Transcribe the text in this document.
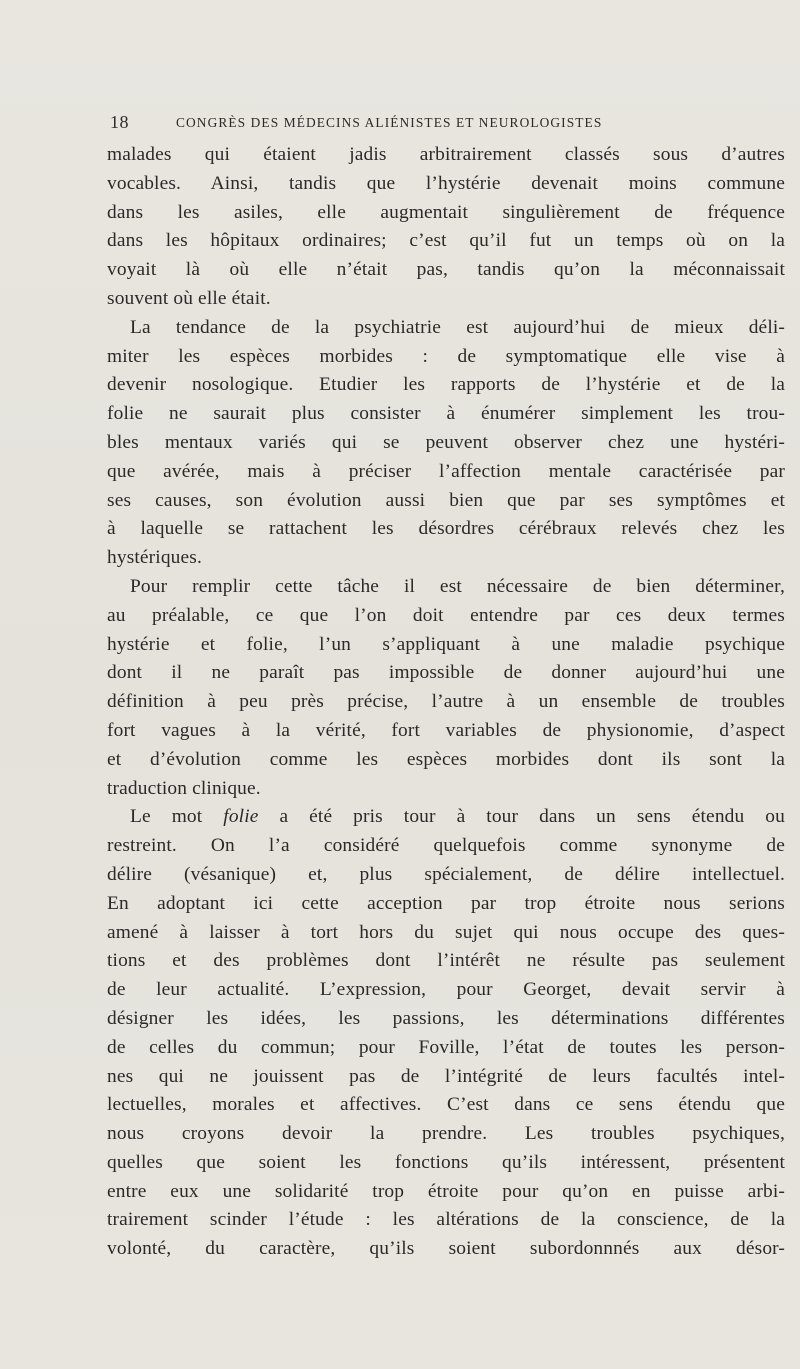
18	CONGRÈS DES MÉDECINS ALIÉNISTES ET NEUROLOGISTES
malades qui étaient jadis arbitrairement classés sous d’autres
vocables. Ainsi, tandis que l’hystérie devenait moins commune
dans les asiles, elle augmentait singulièrement de fréquence
dans les hôpitaux ordinaires; c’est qu’il fut un temps où on la
voyait là où elle n’était pas, tandis qu’on la méconnaissait
souvent où elle était.
La tendance de la psychiatrie est aujourd’hui de mieux déli-
miter les espèces morbides : de symptomatique elle vise à
devenir nosologique. Etudier les rapports de l’hystérie et de la
folie ne saurait plus consister à énumérer simplement les trou-
bles mentaux variés qui se peuvent observer chez une hystéri-
que avérée, mais à préciser l’affection mentale caractérisée par
ses causes, son évolution aussi bien que par ses symptômes et
à laquelle se rattachent les désordres cérébraux relevés chez les
hystériques.
Pour remplir cette tâche il est nécessaire de bien déterminer,
au préalable, ce que l’on doit entendre par ces deux termes
hystérie et folie, l’un s’appliquant à une maladie psychique
dont il ne paraît pas impossible de donner aujourd’hui une
définition à peu près précise, l’autre à un ensemble de troubles
fort vagues à la vérité, fort variables de physionomie, d’aspect
et d’évolution comme les espèces morbides dont ils sont la
traduction clinique.
Le mot folie a été pris tour à tour dans un sens étendu ou
restreint. On l’a considéré quelquefois comme synonyme de
délire (vésanique) et, plus spécialement, de délire intellectuel.
En adoptant ici cette acception par trop étroite nous serions
amené à laisser à tort hors du sujet qui nous occupe des ques-
tions et des problèmes dont l’intérêt ne résulte pas seulement
de leur actualité. L’expression, pour Georget, devait servir à
désigner les idées, les passions, les déterminations différentes
de celles du commun; pour Foville, l’état de toutes les person-
nes qui ne jouissent pas de l’intégrité de leurs facultés intel-
lectuelles, morales et affectives. C’est dans ce sens étendu que
nous croyons devoir la prendre. Les troubles psychiques,
quelles que soient les fonctions qu’ils intéressent, présentent
entre eux une solidarité trop étroite pour qu’on en puisse arbi-
trairement scinder l’étude : les altérations de la conscience, de la
volonté, du caractère, qu’ils soient subordonnnés aux désor-
